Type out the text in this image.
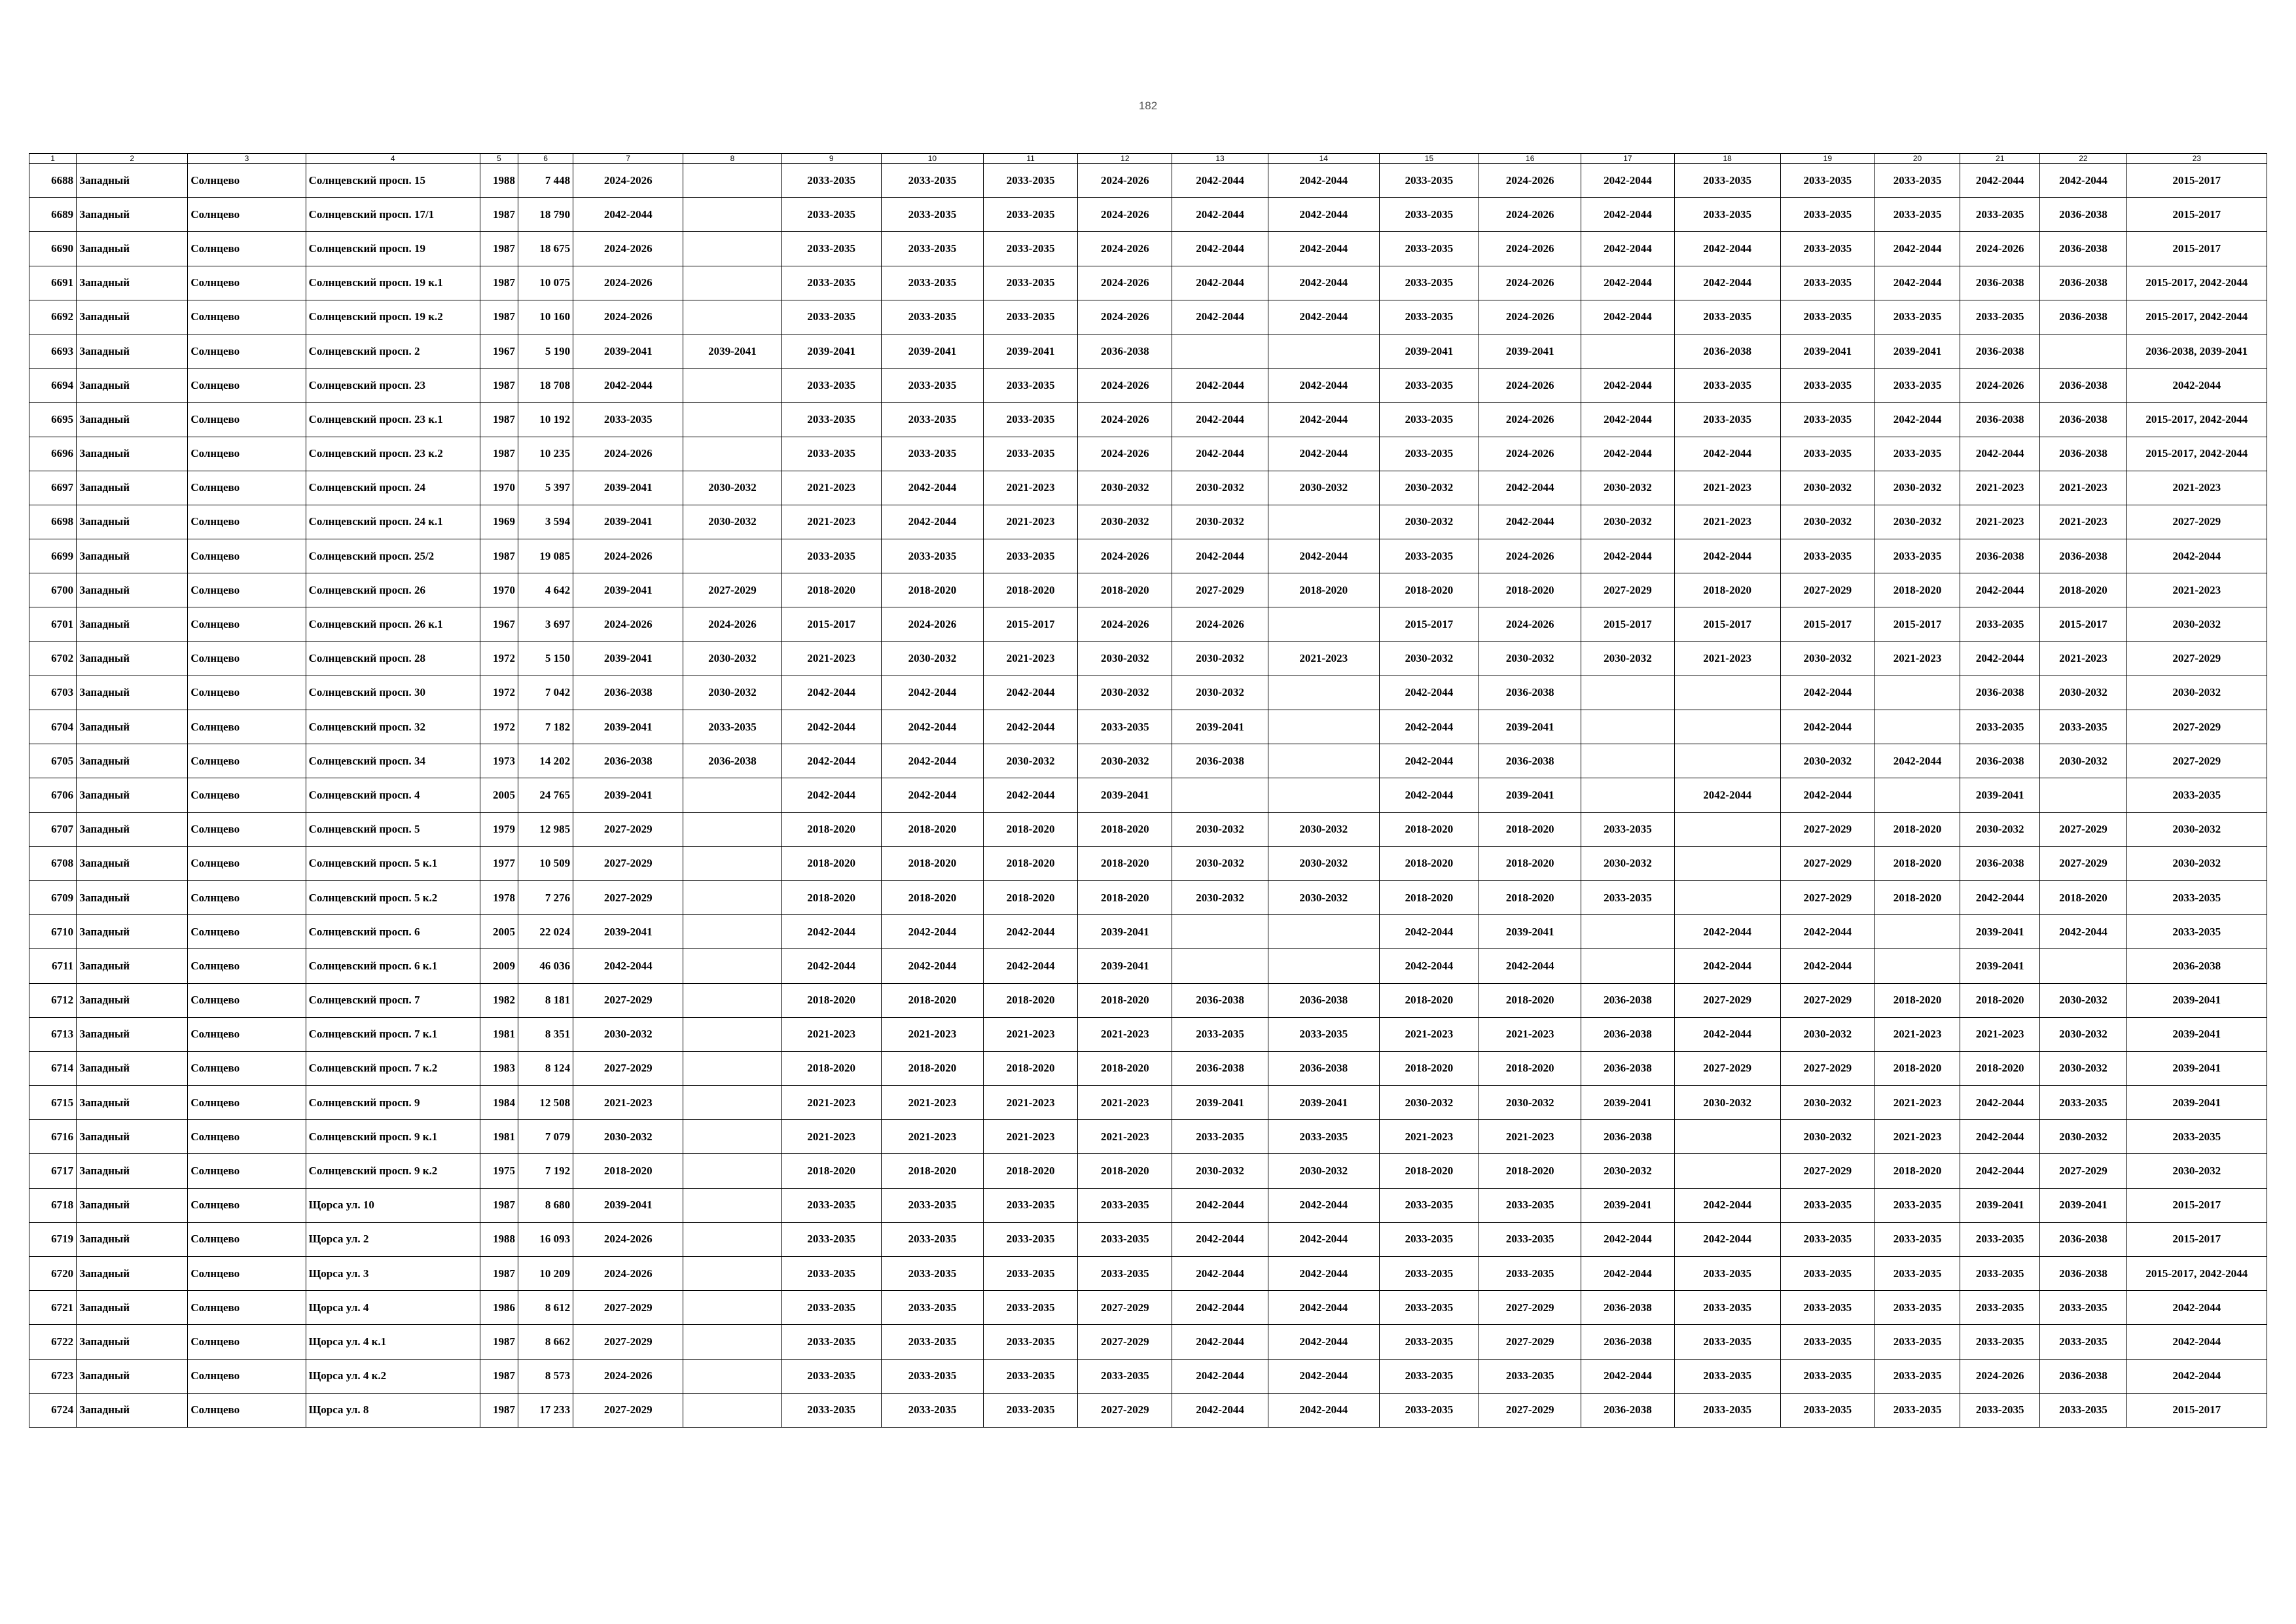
182
1	2	3	4	5	6	7	8	9	10	11	12	13	14	15	16	17	18	19	20	21	22	23
6688	Западный	Солнцево	Солнцевский просп. 15	1988	7 448	2024-2026		2033-2035	2033-2035	2033-2035	2024-2026	2042-2044	2042-2044	2033-2035	2024-2026	2042-2044	2033-2035	2033-2035	2033-2035	2042-2044	2042-2044	2015-2017
6689	Западный	Солнцево	Солнцевский просп. 17/1	1987	18 790	2042-2044		2033-2035	2033-2035	2033-2035	2024-2026	2042-2044	2042-2044	2033-2035	2024-2026	2042-2044	2033-2035	2033-2035	2033-2035	2033-2035	2036-2038	2015-2017
6690	Западный	Солнцево	Солнцевский просп. 19	1987	18 675	2024-2026		2033-2035	2033-2035	2033-2035	2024-2026	2042-2044	2042-2044	2033-2035	2024-2026	2042-2044	2042-2044	2033-2035	2042-2044	2024-2026	2036-2038	2015-2017
6691	Западный	Солнцево	Солнцевский просп. 19 к.1	1987	10 075	2024-2026		2033-2035	2033-2035	2033-2035	2024-2026	2042-2044	2042-2044	2033-2035	2024-2026	2042-2044	2042-2044	2033-2035	2042-2044	2036-2038	2036-2038	2015-2017, 2042-2044
6692	Западный	Солнцево	Солнцевский просп. 19 к.2	1987	10 160	2024-2026		2033-2035	2033-2035	2033-2035	2024-2026	2042-2044	2042-2044	2033-2035	2024-2026	2042-2044	2033-2035	2033-2035	2033-2035	2033-2035	2036-2038	2015-2017, 2042-2044
6693	Западный	Солнцево	Солнцевский просп. 2	1967	5 190	2039-2041	2039-2041	2039-2041	2039-2041	2039-2041	2036-2038			2039-2041	2039-2041		2036-2038	2039-2041	2039-2041	2036-2038		2036-2038, 2039-2041
6694	Западный	Солнцево	Солнцевский просп. 23	1987	18 708	2042-2044		2033-2035	2033-2035	2033-2035	2024-2026	2042-2044	2042-2044	2033-2035	2024-2026	2042-2044	2033-2035	2033-2035	2033-2035	2024-2026	2036-2038	2042-2044
6695	Западный	Солнцево	Солнцевский просп. 23 к.1	1987	10 192	2033-2035		2033-2035	2033-2035	2033-2035	2024-2026	2042-2044	2042-2044	2033-2035	2024-2026	2042-2044	2033-2035	2033-2035	2042-2044	2036-2038	2036-2038	2015-2017, 2042-2044
6696	Западный	Солнцево	Солнцевский просп. 23 к.2	1987	10 235	2024-2026		2033-2035	2033-2035	2033-2035	2024-2026	2042-2044	2042-2044	2033-2035	2024-2026	2042-2044	2042-2044	2033-2035	2033-2035	2042-2044	2036-2038	2015-2017, 2042-2044
6697	Западный	Солнцево	Солнцевский просп. 24	1970	5 397	2039-2041	2030-2032	2021-2023	2042-2044	2021-2023	2030-2032	2030-2032	2030-2032	2030-2032	2042-2044	2030-2032	2021-2023	2030-2032	2030-2032	2021-2023	2021-2023	2021-2023
6698	Западный	Солнцево	Солнцевский просп. 24 к.1	1969	3 594	2039-2041	2030-2032	2021-2023	2042-2044	2021-2023	2030-2032	2030-2032		2030-2032	2042-2044	2030-2032	2021-2023	2030-2032	2030-2032	2021-2023	2021-2023	2027-2029
6699	Западный	Солнцево	Солнцевский просп. 25/2	1987	19 085	2024-2026		2033-2035	2033-2035	2033-2035	2024-2026	2042-2044	2042-2044	2033-2035	2024-2026	2042-2044	2042-2044	2033-2035	2033-2035	2036-2038	2036-2038	2042-2044
6700	Западный	Солнцево	Солнцевский просп. 26	1970	4 642	2039-2041	2027-2029	2018-2020	2018-2020	2018-2020	2018-2020	2027-2029	2018-2020	2018-2020	2018-2020	2027-2029	2018-2020	2027-2029	2018-2020	2042-2044	2018-2020	2021-2023
6701	Западный	Солнцево	Солнцевский просп. 26 к.1	1967	3 697	2024-2026	2024-2026	2015-2017	2024-2026	2015-2017	2024-2026	2024-2026		2015-2017	2024-2026	2015-2017	2015-2017	2015-2017	2015-2017	2033-2035	2015-2017	2030-2032
6702	Западный	Солнцево	Солнцевский просп. 28	1972	5 150	2039-2041	2030-2032	2021-2023	2030-2032	2021-2023	2030-2032	2030-2032	2021-2023	2030-2032	2030-2032	2030-2032	2021-2023	2030-2032	2021-2023	2042-2044	2021-2023	2027-2029
6703	Западный	Солнцево	Солнцевский просп. 30	1972	7 042	2036-2038	2030-2032	2042-2044	2042-2044	2042-2044	2030-2032	2030-2032		2042-2044	2036-2038			2042-2044		2036-2038	2030-2032	2030-2032
6704	Западный	Солнцево	Солнцевский просп. 32	1972	7 182	2039-2041	2033-2035	2042-2044	2042-2044	2042-2044	2033-2035	2039-2041		2042-2044	2039-2041			2042-2044		2033-2035	2033-2035	2027-2029
6705	Западный	Солнцево	Солнцевский просп. 34	1973	14 202	2036-2038	2036-2038	2042-2044	2042-2044	2030-2032	2030-2032	2036-2038		2042-2044	2036-2038			2030-2032	2042-2044	2036-2038	2030-2032	2027-2029
6706	Западный	Солнцево	Солнцевский просп. 4	2005	24 765	2039-2041		2042-2044	2042-2044	2042-2044	2039-2041			2042-2044	2039-2041		2042-2044	2042-2044		2039-2041		2033-2035
6707	Западный	Солнцево	Солнцевский просп. 5	1979	12 985	2027-2029		2018-2020	2018-2020	2018-2020	2018-2020	2030-2032	2030-2032	2018-2020	2018-2020	2033-2035		2027-2029	2018-2020	2030-2032	2027-2029	2030-2032
6708	Западный	Солнцево	Солнцевский просп. 5 к.1	1977	10 509	2027-2029		2018-2020	2018-2020	2018-2020	2018-2020	2030-2032	2030-2032	2018-2020	2018-2020	2030-2032		2027-2029	2018-2020	2036-2038	2027-2029	2030-2032
6709	Западный	Солнцево	Солнцевский просп. 5 к.2	1978	7 276	2027-2029		2018-2020	2018-2020	2018-2020	2018-2020	2030-2032	2030-2032	2018-2020	2018-2020	2033-2035		2027-2029	2018-2020	2042-2044	2018-2020	2033-2035
6710	Западный	Солнцево	Солнцевский просп. 6	2005	22 024	2039-2041		2042-2044	2042-2044	2042-2044	2039-2041			2042-2044	2039-2041		2042-2044	2042-2044		2039-2041	2042-2044	2033-2035
6711	Западный	Солнцево	Солнцевский просп. 6 к.1	2009	46 036	2042-2044		2042-2044	2042-2044	2042-2044	2039-2041			2042-2044	2042-2044		2042-2044	2042-2044		2039-2041		2036-2038
6712	Западный	Солнцево	Солнцевский просп. 7	1982	8 181	2027-2029		2018-2020	2018-2020	2018-2020	2018-2020	2036-2038	2036-2038	2018-2020	2018-2020	2036-2038	2027-2029	2027-2029	2018-2020	2018-2020	2030-2032	2039-2041
6713	Западный	Солнцево	Солнцевский просп. 7 к.1	1981	8 351	2030-2032		2021-2023	2021-2023	2021-2023	2021-2023	2033-2035	2033-2035	2021-2023	2021-2023	2036-2038	2042-2044	2030-2032	2021-2023	2021-2023	2030-2032	2039-2041
6714	Западный	Солнцево	Солнцевский просп. 7 к.2	1983	8 124	2027-2029		2018-2020	2018-2020	2018-2020	2018-2020	2036-2038	2036-2038	2018-2020	2018-2020	2036-2038	2027-2029	2027-2029	2018-2020	2018-2020	2030-2032	2039-2041
6715	Западный	Солнцево	Солнцевский просп. 9	1984	12 508	2021-2023		2021-2023	2021-2023	2021-2023	2021-2023	2039-2041	2039-2041	2030-2032	2030-2032	2039-2041	2030-2032	2030-2032	2021-2023	2042-2044	2033-2035	2039-2041
6716	Западный	Солнцево	Солнцевский просп. 9 к.1	1981	7 079	2030-2032		2021-2023	2021-2023	2021-2023	2021-2023	2033-2035	2033-2035	2021-2023	2021-2023	2036-2038		2030-2032	2021-2023	2042-2044	2030-2032	2033-2035
6717	Западный	Солнцево	Солнцевский просп. 9 к.2	1975	7 192	2018-2020		2018-2020	2018-2020	2018-2020	2018-2020	2030-2032	2030-2032	2018-2020	2018-2020	2030-2032		2027-2029	2018-2020	2042-2044	2027-2029	2030-2032
6718	Западный	Солнцево	Щорса ул. 10	1987	8 680	2039-2041		2033-2035	2033-2035	2033-2035	2033-2035	2042-2044	2042-2044	2033-2035	2033-2035	2039-2041	2042-2044	2033-2035	2033-2035	2039-2041	2039-2041	2015-2017
6719	Западный	Солнцево	Щорса ул. 2	1988	16 093	2024-2026		2033-2035	2033-2035	2033-2035	2033-2035	2042-2044	2042-2044	2033-2035	2033-2035	2042-2044	2042-2044	2033-2035	2033-2035	2033-2035	2036-2038	2015-2017
6720	Западный	Солнцево	Щорса ул. 3	1987	10 209	2024-2026		2033-2035	2033-2035	2033-2035	2033-2035	2042-2044	2042-2044	2033-2035	2033-2035	2042-2044	2033-2035	2033-2035	2033-2035	2033-2035	2036-2038	2015-2017, 2042-2044
6721	Западный	Солнцево	Щорса ул. 4	1986	8 612	2027-2029		2033-2035	2033-2035	2033-2035	2027-2029	2042-2044	2042-2044	2033-2035	2027-2029	2036-2038	2033-2035	2033-2035	2033-2035	2033-2035	2033-2035	2042-2044
6722	Западный	Солнцево	Щорса ул. 4 к.1	1987	8 662	2027-2029		2033-2035	2033-2035	2033-2035	2027-2029	2042-2044	2042-2044	2033-2035	2027-2029	2036-2038	2033-2035	2033-2035	2033-2035	2033-2035	2033-2035	2042-2044
6723	Западный	Солнцево	Щорса ул. 4 к.2	1987	8 573	2024-2026		2033-2035	2033-2035	2033-2035	2033-2035	2042-2044	2042-2044	2033-2035	2033-2035	2042-2044	2033-2035	2033-2035	2033-2035	2024-2026	2036-2038	2042-2044
6724	Западный	Солнцево	Щорса ул. 8	1987	17 233	2027-2029		2033-2035	2033-2035	2033-2035	2027-2029	2042-2044	2042-2044	2033-2035	2027-2029	2036-2038	2033-2035	2033-2035	2033-2035	2033-2035	2033-2035	2015-2017
